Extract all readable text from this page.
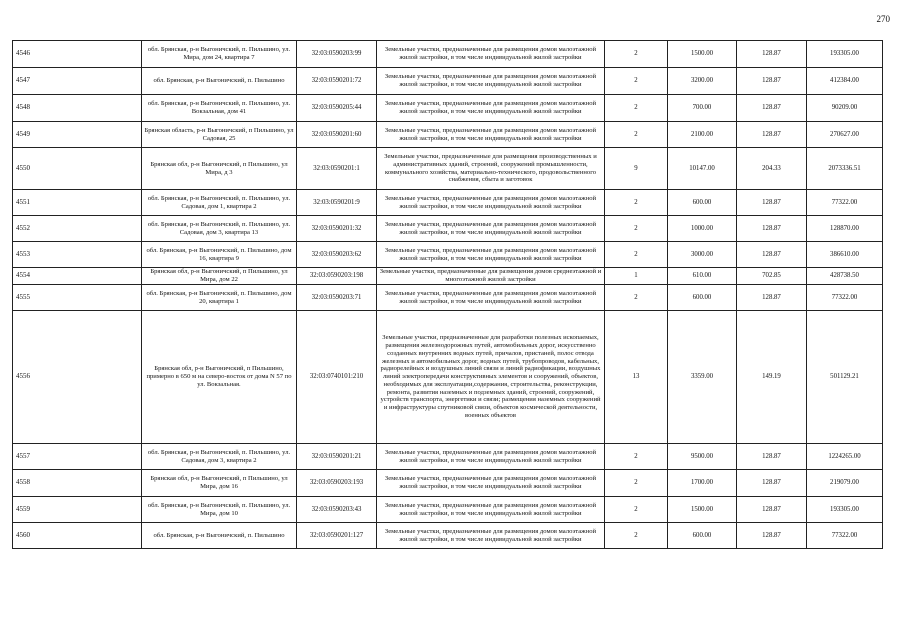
270
4546	обл. Брянская, р-н Выгоничский, п. Пильшино, ул. Мира, дом 24, квартира 7	32:03:0590203:99	Земельные участки, предназначенные для размещения домов малоэтажной жилой застройки, в том числе индивидуальной жилой застройки	2	1500.00	128.87	193305.00
4547	обл. Брянская, р-н Выгоничский, п. Пильшино	32:03:0590201:72	Земельные участки, предназначенные для размещения домов малоэтажной жилой застройки, в том числе индивидуальной жилой застройки	2	3200.00	128.87	412384.00
4548	обл. Брянская, р-н Выгоничский, п. Пильшино, ул. Вокзальная, дом 41	32:03:0590205:44	Земельные участки, предназначенные для размещения домов малоэтажной жилой застройки, в том числе индивидуальной жилой застройки	2	700.00	128.87	90209.00
4549	Брянская область, р-н Выгоничский, п Пильшино, ул Садовая, 25	32:03:0590201:60	Земельные участки, предназначенные для размещения домов малоэтажной жилой застройки, в том числе индивидуальной жилой застройки	2	2100.00	128.87	270627.00
4550	Брянская обл, р-н Выгоничский, п Пильшино, ул Мира, д 3	32:03:0590201:1	Земельные участки, предназначенные для размещения производственных и административных зданий, строений, сооружений промышленности, коммунального хозяйства, материально-технического, продовольственного снабжения, сбыта и заготовок	9	10147.00	204.33	2073336.51
4551	обл. Брянская, р-н Выгоничский, п. Пильшино, ул. Садовая, дом 1, квартира 2	32:03:0590201:9	Земельные участки, предназначенные для размещения домов малоэтажной жилой застройки, в том числе индивидуальной жилой застройки	2	600.00	128.87	77322.00
4552	обл. Брянская, р-н Выгоничский, п. Пильшино, ул. Садовая, дом 3, квартира 13	32:03:0590201:32	Земельные участки, предназначенные для размещения домов малоэтажной жилой застройки, в том числе индивидуальной жилой застройки	2	1000.00	128.87	128870.00
4553	обл. Брянская, р-н Выгоничский, п. Пильшино, дом 16, квартира 9	32:03:0590203:62	Земельные участки, предназначенные для размещения домов малоэтажной жилой застройки, в том числе индивидуальной жилой застройки	2	3000.00	128.87	386610.00
4554	Брянская обл, р-н Выгоничский, п Пильшино, ул Мира, дом 22	32:03:0590203:198	Земельные участки, предназначенные для размещения домов среднеэтажной и многоэтажной жилой застройки	1	610.00	702.85	428738.50
4555	обл. Брянская, р-н Выгоничский, п. Пильшино, дом 20, квартира 1	32:03:0590203:71	Земельные участки, предназначенные для размещения домов малоэтажной жилой застройки, в том числе индивидуальной жилой застройки	2	600.00	128.87	77322.00
4556	Брянская обл, р-н Выгоничский, п Пильшино, примерно в 650 м на северо-восток от дома N 57 по ул. Вокзальная.	32:03:0740101:210	Земельные участки, предназначенные для разработки полезных ископаемых, размещения железнодорожных путей, автомобильных дорог, искусственно созданных внутренних водных путей, причалов, пристаней, полос отвода железных и автомобильных дорог, водных путей, трубопроводов, кабельных, радиорелейных и воздушных линий связи и линий радиофикации, воздушных линий электропередачи конструктивных элементов и сооружений, объектов, необходимых для эксплуатации,содержания, строительства, реконструкции, ремонта, развития наземных и подземных зданий, строений, сооружений, устройств транспорта, энергетики и связи; размещения наземных сооружений и инфраструктуры спутниковой связи, объектов космической деятельности, военных объектов	13	3359.00	149.19	501129.21
4557	обл. Брянская, р-н Выгоничский, п. Пильшино, ул. Садовая, дом 3, квартира 2	32:03:0590201:21	Земельные участки, предназначенные для размещения домов малоэтажной жилой застройки, в том числе индивидуальной жилой застройки	2	9500.00	128.87	1224265.00
4558	Брянская обл, р-н Выгоничский, п Пильшино, ул Мира, дом 16	32:03:0590203:193	Земельные участки, предназначенные для размещения домов малоэтажной жилой застройки, в том числе индивидуальной жилой застройки	2	1700.00	128.87	219079.00
4559	обл. Брянская, р-н Выгоничский, п. Пильшино, ул. Мира, дом 10	32:03:0590203:43	Земельные участки, предназначенные для размещения домов малоэтажной жилой застройки, в том числе индивидуальной жилой застройки	2	1500.00	128.87	193305.00
4560	обл. Брянская, р-н Выгоничский, п. Пильшино	32:03:0590201:127	Земельные участки, предназначенные для размещения домов малоэтажной жилой застройки, в том числе индивидуальной жилой застройки	2	600.00	128.87	77322.00
